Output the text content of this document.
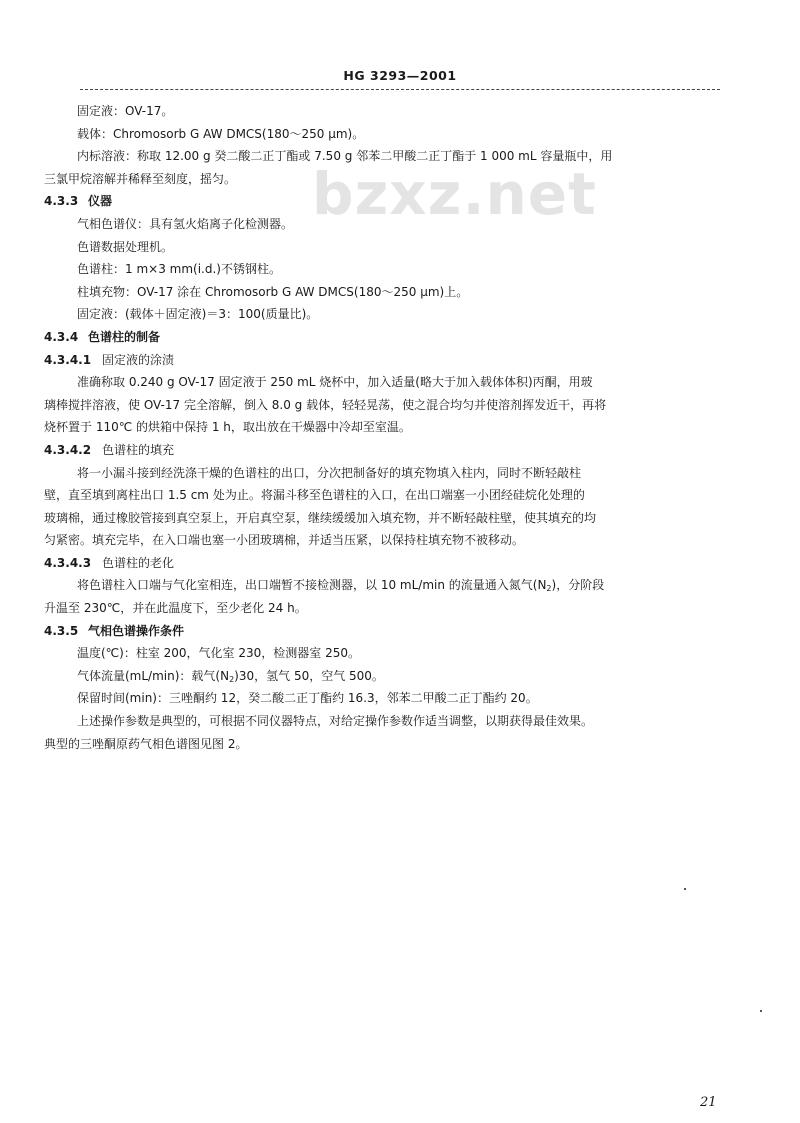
HG 3293—2001
bzxz.net
固定液：OV-17。
载体：Chromosorb G AW DMCS(180～250 μm)。
内标溶液：称取 12.00 g 癸二酸二正丁酯或 7.50 g 邻苯二甲酸二正丁酯于 1 000 mL 容量瓶中，用
三氯甲烷溶解并稀释至刻度，摇匀。
4.3.3 仪器
气相色谱仪：具有氢火焰离子化检测器。
色谱数据处理机。
色谱柱：1 m×3 mm(i.d.)不锈钢柱。
柱填充物：OV-17 涂在 Chromosorb G AW DMCS(180～250 μm)上。
固定液：(载体＋固定液)＝3：100(质量比)。
4.3.4 色谱柱的制备
4.3.4.1 固定液的涂渍
准确称取 0.240 g OV-17 固定液于 250 mL 烧杯中，加入适量(略大于加入载体体积)丙酮，用玻
璃棒搅拌溶液，使 OV-17 完全溶解，倒入 8.0 g 载体，轻轻晃荡，使之混合均匀并使溶剂挥发近干，再将
烧杯置于 110℃ 的烘箱中保持 1 h，取出放在干燥器中冷却至室温。
4.3.4.2 色谱柱的填充
将一小漏斗接到经洗涤干燥的色谱柱的出口，分次把制备好的填充物填入柱内，同时不断轻敲柱
壁，直至填到离柱出口 1.5 cm 处为止。将漏斗移至色谱柱的入口，在出口端塞一小团经硅烷化处理的
玻璃棉，通过橡胶管接到真空泵上，开启真空泵，继续缓缓加入填充物，并不断轻敲柱壁，使其填充的均
匀紧密。填充完毕，在入口端也塞一小团玻璃棉，并适当压紧，以保持柱填充物不被移动。
4.3.4.3 色谱柱的老化
将色谱柱入口端与气化室相连，出口端暂不接检测器，以 10 mL/min 的流量通入氮气$(N_2)$，分阶段
升温至 230℃，并在此温度下，至少老化 24 h。
4.3.5 气相色谱操作条件
温度(℃)：柱室 200，气化室 230，检测器室 250。
气体流量(mL/min)：载气$(N_2)30$，氢气 50，空气 500。
保留时间(min)：三唑酮约 12，癸二酸二正丁酯约 16.3，邻苯二甲酸二正丁酯约 20。
上述操作参数是典型的，可根据不同仪器特点，对给定操作参数作适当调整，以期获得最佳效果。
典型的三唑酮原药气相色谱图见图 2。
21
